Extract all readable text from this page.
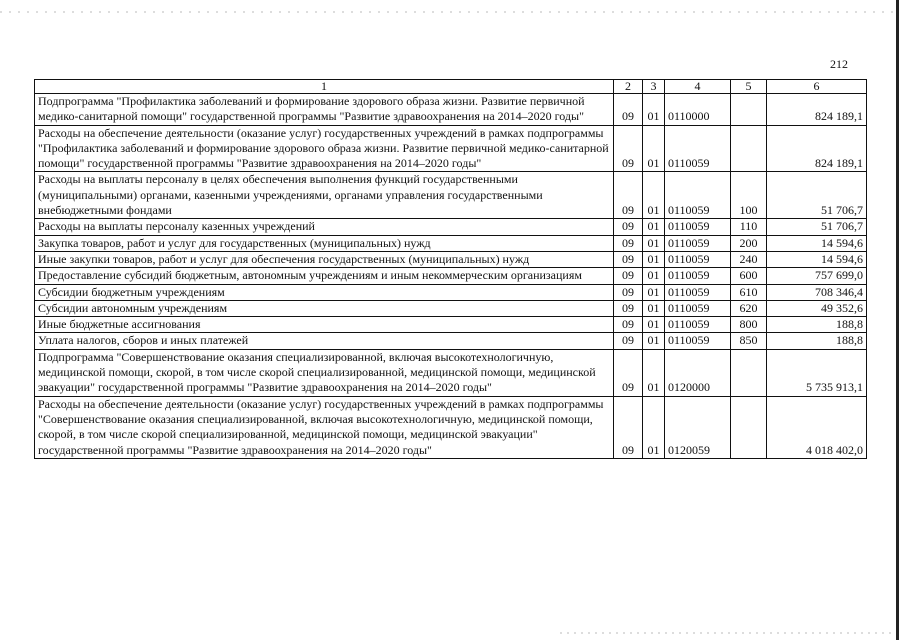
212
1	2	3	4	5	6
Подпрограмма "Профилактика заболеваний и формирование здорового образа жизни. Развитие первичной медико-санитарной помощи" государственной программы "Развитие здравоохранения на 2014–2020 годы"	09	01	0110000		824 189,1
Расходы на обеспечение деятельности (оказание услуг) государственных учреждений в рамках подпрограммы "Профилактика заболеваний и формирование здорового образа жизни. Развитие первичной медико-санитарной помощи" государственной программы "Развитие здравоохранения на 2014–2020 годы"	09	01	0110059		824 189,1
Расходы на выплаты персоналу в целях обеспечения выполнения функций государственными (муниципальными) органами, казенными учреждениями, органами управления государственными внебюджетными фондами	09	01	0110059	100	51 706,7
Расходы на выплаты персоналу казенных учреждений	09	01	0110059	110	51 706,7
Закупка товаров, работ и услуг для государственных (муниципальных) нужд	09	01	0110059	200	14 594,6
Иные закупки товаров, работ и услуг для обеспечения государственных (муниципальных) нужд	09	01	0110059	240	14 594,6
Предоставление субсидий бюджетным, автономным учреждениям и иным некоммерческим организациям	09	01	0110059	600	757 699,0
Субсидии бюджетным учреждениям	09	01	0110059	610	708 346,4
Субсидии автономным учреждениям	09	01	0110059	620	49 352,6
Иные бюджетные ассигнования	09	01	0110059	800	188,8
Уплата налогов, сборов и иных платежей	09	01	0110059	850	188,8
Подпрограмма "Совершенствование оказания специализированной, включая высокотехнологичную, медицинской помощи, скорой, в том числе скорой специализированной, медицинской помощи, медицинской эвакуации" государственной программы "Развитие здравоохранения на 2014–2020 годы"	09	01	0120000		5 735 913,1
Расходы на обеспечение деятельности (оказание услуг) государственных учреждений в рамках подпрограммы "Совершенствование оказания специализированной, включая высокотехнологичную, медицинской помощи, скорой, в том числе скорой специализированной, медицинской помощи, медицинской эвакуации" государственной программы "Развитие здравоохранения на 2014–2020 годы"	09	01	0120059		4 018 402,0
